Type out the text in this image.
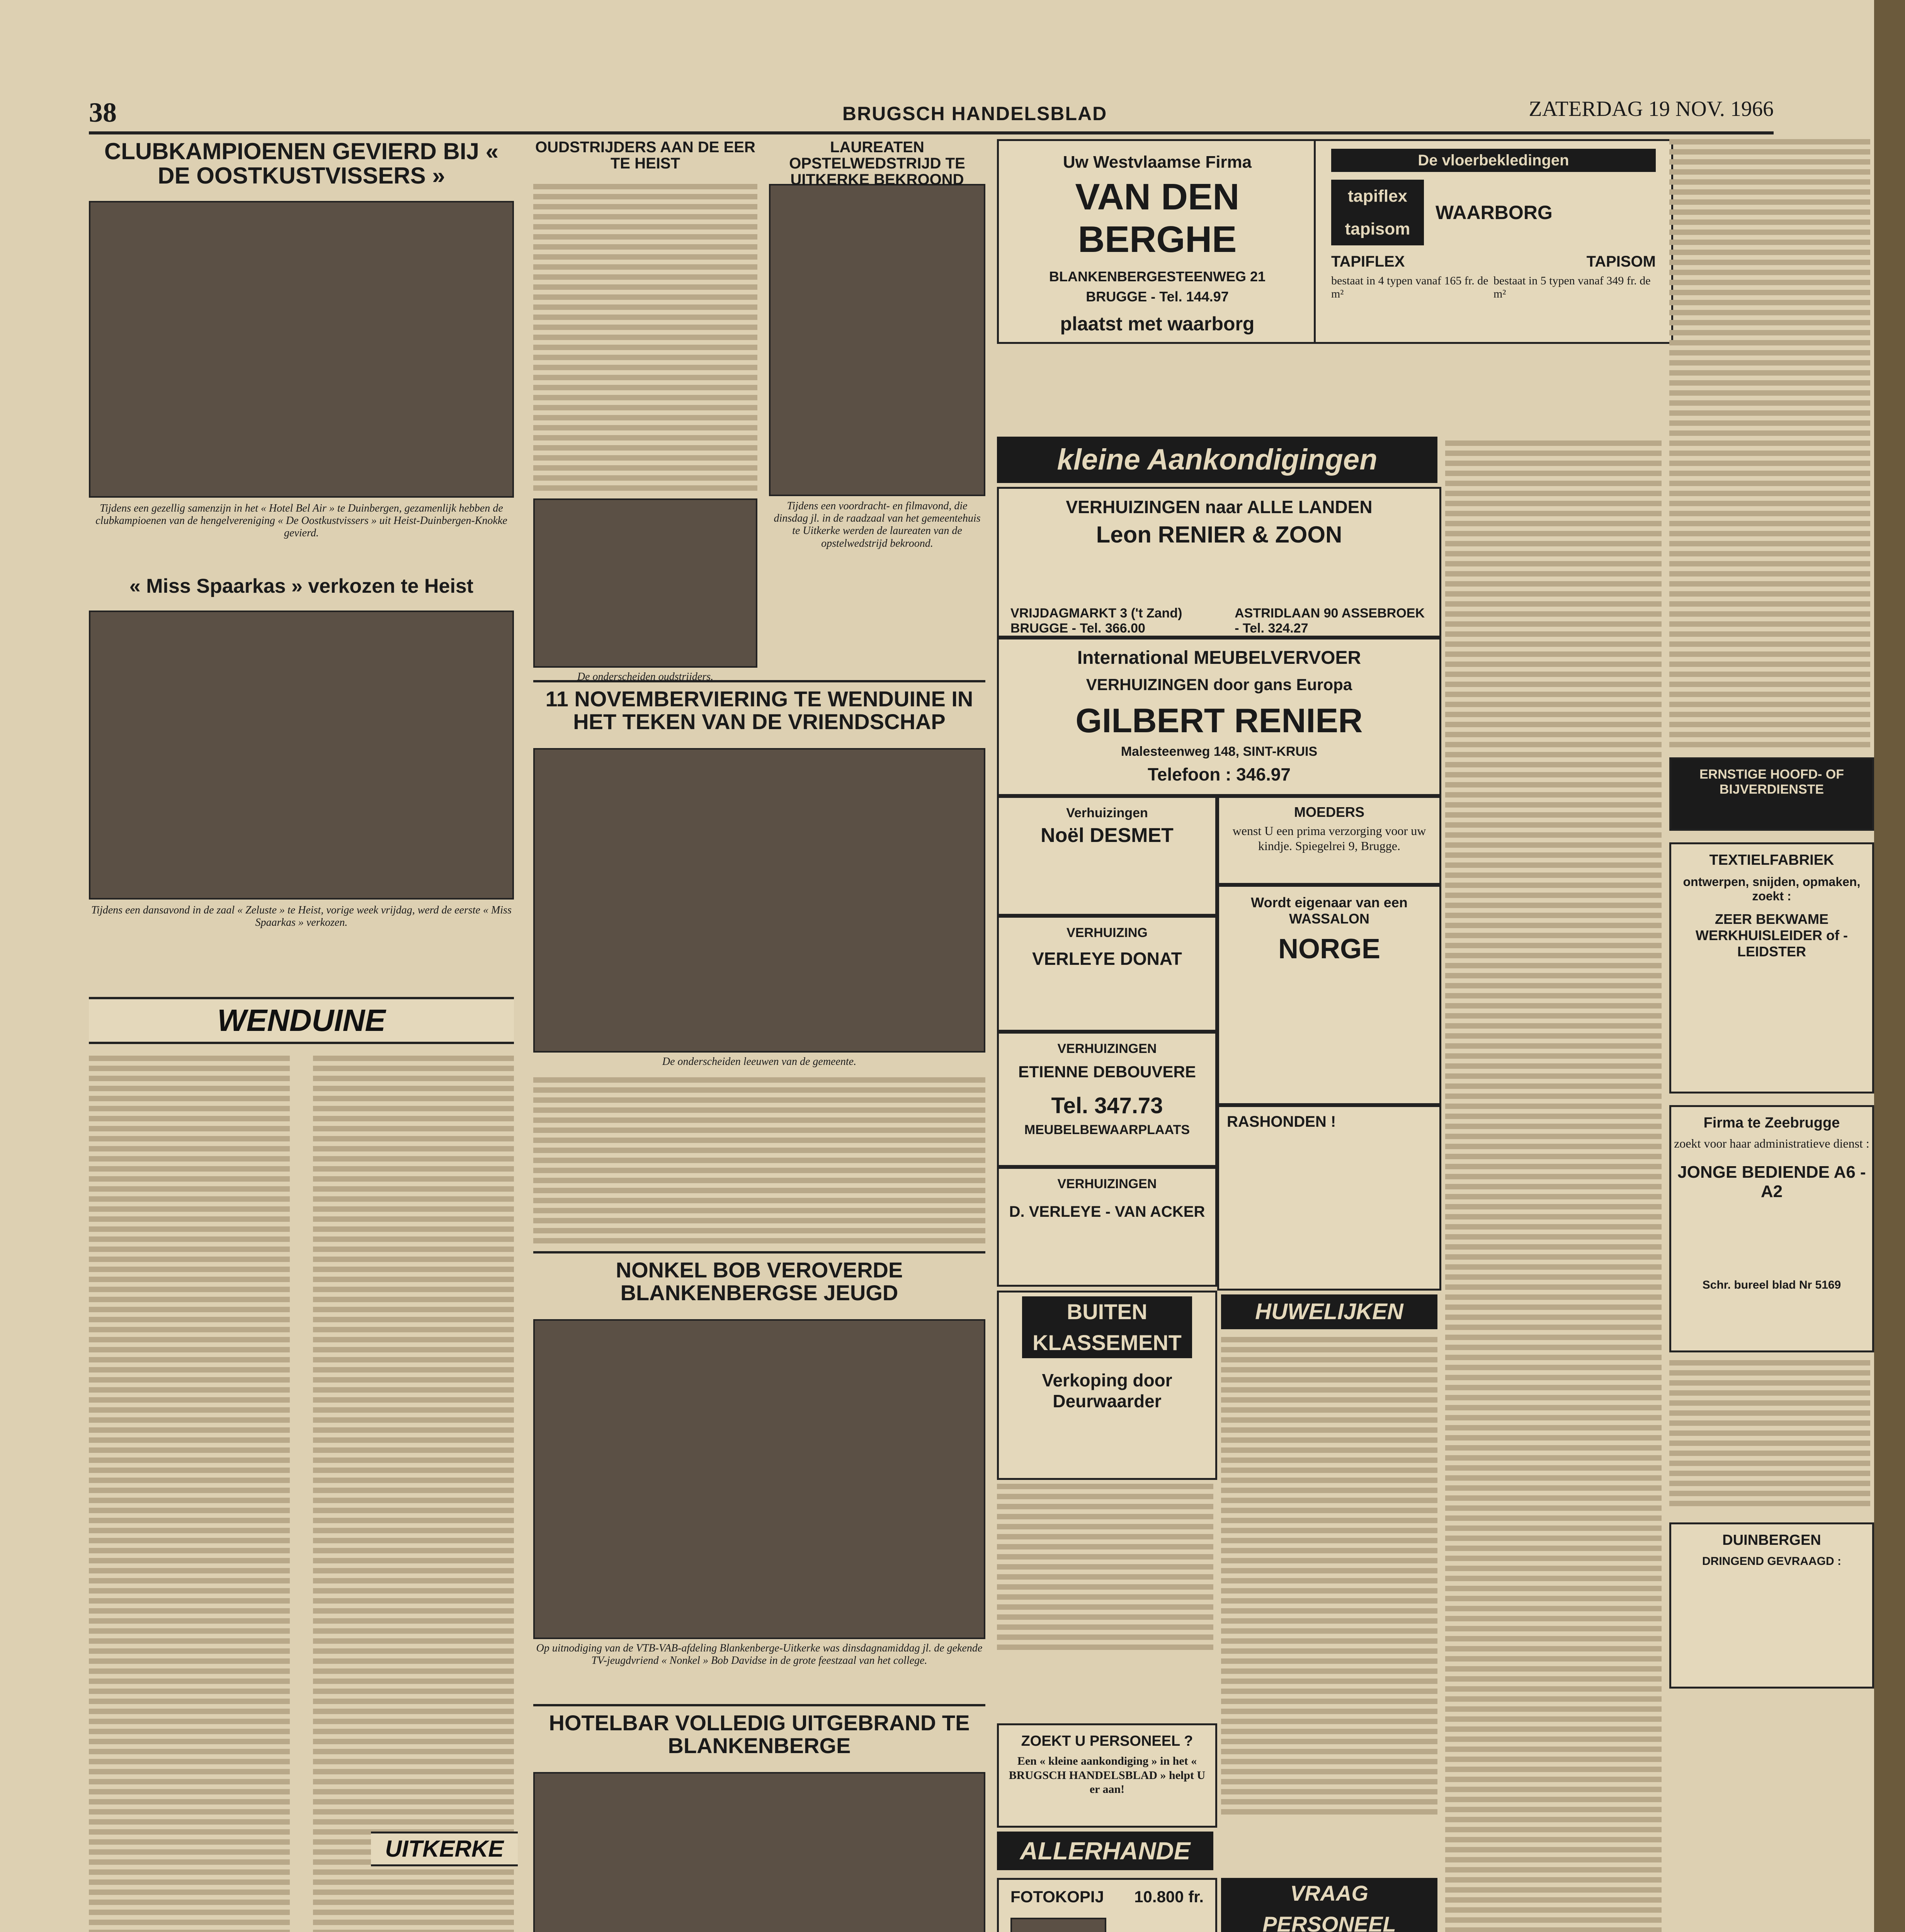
38	BRUGSCH HANDELSBLAD	ZATERDAG 19 NOV. 1966
CLUBKAMPIOENEN GEVIERD BIJ « DE OOSTKUSTVISSERS »
Tijdens een gezellig samenzijn in het « Hotel Bel Air » te Duinbergen, gezamenlijk hebben de clubkampioenen van de hengelvereniging « De Oostkustvissers » uit Heist-Duinbergen-Knokke gevierd.
« Miss Spaarkas » verkozen te Heist
Tijdens een dansavond in de zaal « Zeluste » te Heist, vorige week vrijdag, werd de eerste « Miss Spaarkas » verkozen.
WENDUINE
OUDSTRIJDERS AAN DE EER TE HEIST
De onderscheiden oudstrijders.
LAUREATEN OPSTELWEDSTRIJD TE UITKERKE BEKROOND
Tijdens een voordracht- en filmavond, die dinsdag jl. in de raadzaal van het gemeentehuis te Uitkerke werden de laureaten van de opstelwedstrijd bekroond.
11 NOVEMBERVIERING TE WENDUINE IN HET TEKEN VAN DE VRIENDSCHAP
De onderscheiden leeuwen van de gemeente.
NONKEL BOB VEROVERDE BLANKENBERGSE JEUGD
Op uitnodiging van de VTB-VAB-afdeling Blankenberge-Uitkerke was dinsdagnamiddag jl. de gekende TV-jeugdvriend « Nonkel » Bob Davidse in de grote feestzaal van het college.
HOTELBAR VOLLEDIG UITGEBRAND TE BLANKENBERGE
UITKERKE
Uw Westvlaamse Firma
VAN DEN BERGHE
BLANKENBERGESTEENWEG 21
BRUGGE - Tel. 144.97
plaatst met waarborg
De vloerbekledingen
tapiflex
tapisom
WAARBORG
TAPIFLEX	TAPISOM
bestaat in 4 typen vanaf 165 fr. de m²
bestaat in 5 typen vanaf 349 fr. de m²
kleine Aankondigingen
VERHUIZINGEN naar ALLE LANDEN
Leon RENIER & ZOON
VRIJDAGMARKT 3 ('t Zand) BRUGGE - Tel. 366.00
ASTRIDLAAN 90 ASSEBROEK - Tel. 324.27
International MEUBELVERVOER
VERHUIZINGEN door gans Europa
GILBERT RENIER
Malesteenweg 148, SINT-KRUIS
Telefoon : 346.97
Verhuizingen
Noël DESMET
MOEDERS
wenst U een prima verzorging voor uw kindje. Spiegelrei 9, Brugge.
VERHUIZING
VERLEYE DONAT
Wordt eigenaar van een WASSALON
NORGE
VERHUIZINGEN
ETIENNE DEBOUVERE
Tel. 347.73
MEUBELBEWAARPLAATS
VERHUIZINGEN
D. VERLEYE - VAN ACKER
RASHONDEN !
BUITEN KLASSEMENT
Verkoping door Deurwaarder
HUWELIJKEN
ZOEKT U PERSONEEL ?
Een « kleine aankondiging » in het « BRUGSCH HANDELSBLAD » helpt U er aan!
ALLERHANDE
FOTOKOPIJ 10.800 fr.	VRAAG PERSONEEL
ERNSTIGE HOOFD- OF BIJVERDIENSTE
TEXTIELFABRIEK
ontwerpen, snijden, opmaken, zoekt :
ZEER BEKWAME WERKHUISLEIDER of -LEIDSTER
Firma te Zeebrugge
zoekt voor haar administratieve dienst :
JONGE BEDIENDE A6 - A2
Schr. bureel blad Nr 5169
DUINBERGEN
DRINGEND GEVRAAGD :
